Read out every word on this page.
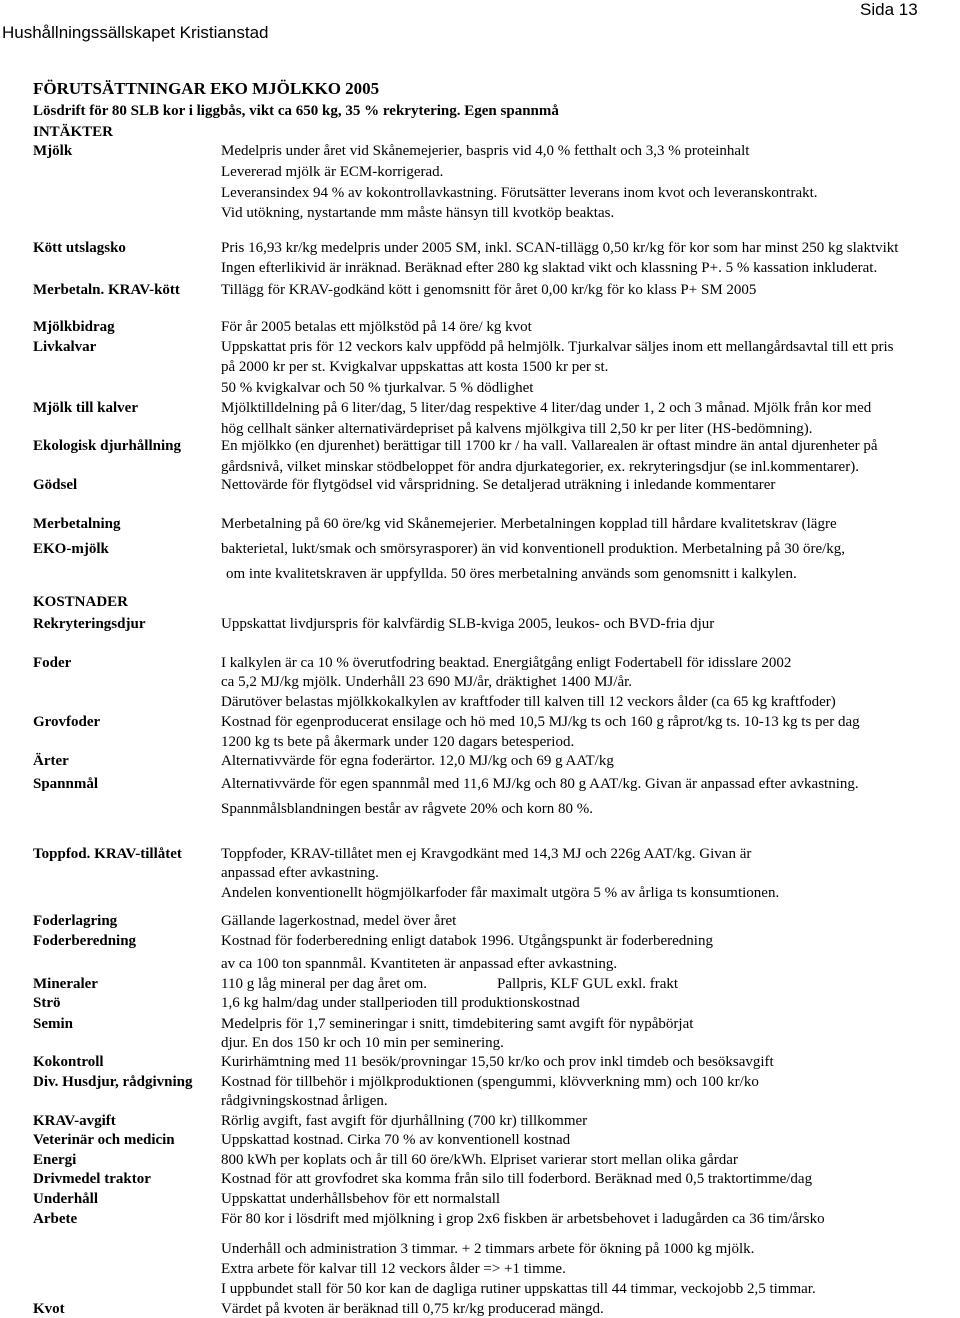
Hushållningssällskapet Kristianstad
Sida 13
FÖRUTSÄTTNINGAR EKO MJÖLKKO 2005
Lösdrift för 80 SLB kor i liggbås, vikt ca 650 kg, 35 % rekrytering. Egen spannmå
INTÄKTER
Mjölk	Medelpris under året vid Skånemejerier, baspris vid 4,0 % fetthalt och 3,3 % proteinhalt
Levererad mjölk är ECM-korrigerad.
Leveransindex 94 % av kokontrollavkastning. Förutsätter leverans inom kvot och leveranskontrakt.
Vid utökning, nystartande mm måste hänsyn till kvotköp beaktas.
Kött utslagsko	Pris 16,93 kr/kg medelpris under 2005 SM, inkl. SCAN-tillägg 0,50 kr/kg för kor som har minst 250 kg slaktvikt
Ingen efterlikivid är inräknad. Beräknad efter 280 kg slaktad vikt och klassning P+. 5 % kassation inkluderat.
Merbetaln. KRAV-kött	Tillägg för KRAV-godkänd kött i genomsnitt för året 0,00 kr/kg för ko klass P+ SM 2005
Mjölkbidrag	För år 2005 betalas ett mjölkstöd på 14 öre/ kg kvot
Livkalvar	Uppskattat pris för 12 veckors kalv uppfödd på helmjölk. Tjurkalvar säljes inom ett mellangårdsavtal till ett pris
på 2000 kr per st. Kvigkalvar uppskattas att kosta 1500 kr per st.
50 % kvigkalvar och 50 % tjurkalvar. 5 % dödlighet
Mjölk till kalver	Mjölktilldelning på 6 liter/dag, 5 liter/dag respektive 4 liter/dag under 1, 2 och 3 månad. Mjölk från kor med
hög cellhalt sänker alternativärdepriset på kalvens mjölkgiva till 2,50 kr per liter (HS-bedömning).
Ekologisk djurhållning	En mjölkko (en djurenhet) berättigar till 1700 kr / ha vall. Vallarealen är oftast mindre än antal djurenheter på
gårdsnivå, vilket minskar stödbeloppet för andra djurkategorier, ex. rekryteringsdjur (se inl.kommentarer).
Gödsel	Nettovärde för flytgödsel vid vårspridning. Se detaljerad uträkning i inledande kommentarer
Merbetalning	Merbetalning på 60 öre/kg vid Skånemejerier. Merbetalningen kopplad till hårdare kvalitetskrav (lägre
EKO-mjölk	bakterietal, lukt/smak och smörsyrasporer) än vid konventionell produktion. Merbetalning på 30 öre/kg,
om inte kvalitetskraven är uppfyllda. 50 öres merbetalning används som genomsnitt i kalkylen.
KOSTNADER
Rekryteringsdjur	Uppskattat livdjurspris för kalvfärdig SLB-kviga 2005, leukos- och BVD-fria djur
Foder	I kalkylen är ca 10 % överutfodring beaktad. Energiåtgång enligt Fodertabell för idisslare 2002
ca 5,2 MJ/kg mjölk. Underhåll 23 690 MJ/år, dräktighet 1400 MJ/år.
Därutöver belastas mjölkkokalkylen av kraftfoder till kalven till 12 veckors ålder (ca 65 kg kraftfoder)
Grovfoder	Kostnad för egenproducerat ensilage och hö med 10,5 MJ/kg ts och 160 g råprot/kg ts. 10-13 kg ts per dag
1200 kg ts bete på åkermark under 120 dagars betesperiod.
Ärter	Alternativvärde för egna foderärtor. 12,0 MJ/kg och 69 g AAT/kg
Spannmål	Alternativvärde för egen spannmål med 11,6 MJ/kg och 80 g AAT/kg. Givan är anpassad efter avkastning.
Spannmålsblandningen består av rågvete 20% och korn 80 %.
Toppfod. KRAV-tillåtet	Toppfoder, KRAV-tillåtet men ej Kravgodkänt med 14,3 MJ och 226g AAT/kg. Givan är
anpassad efter avkastning.
Andelen konventionellt högmjölkarfoder får maximalt utgöra 5 % av årliga ts konsumtionen.
Foderlagring	Gällande lagerkostnad, medel över året
Foderberedning	Kostnad för foderberedning enligt databok 1996. Utgångspunkt är foderberedning
av ca 100 ton spannmål. Kvantiteten är anpassad efter avkastning.
Mineraler	110 g låg mineral per dag året om.	Pallpris, KLF GUL exkl. frakt
Strö	1,6 kg halm/dag under stallperioden till produktionskostnad
Semin	Medelpris för 1,7 semineringar i snitt, timdebitering samt avgift för nypåbörjat
djur. En dos 150 kr och 10 min per seminering.
Kokontroll	Kurirhämtning med 11 besök/provningar 15,50 kr/ko och prov inkl timdeb och besöksavgift
Div. Husdjur, rådgivning	Kostnad för tillbehör i mjölkproduktionen (spengummi, klövverkning mm) och 100 kr/ko
rådgivningskostnad årligen.
KRAV-avgift	Rörlig avgift, fast avgift för djurhållning (700 kr) tillkommer
Veterinär och medicin	Uppskattad kostnad. Cirka 70 % av konventionell kostnad
Energi	800 kWh per koplats och år till 60 öre/kWh. Elpriset varierar stort mellan olika gårdar
Drivmedel traktor	Kostnad för att grovfodret ska komma från silo till foderbord. Beräknad med 0,5 traktortimme/dag
Underhåll	Uppskattat underhållsbehov för ett normalstall
Arbete	För 80 kor i lösdrift med mjölkning i grop 2x6 fiskben är arbetsbehovet i ladugården ca 36 tim/årsko
Underhåll och administration 3 timmar. + 2 timmars arbete för ökning på 1000 kg mjölk.
Extra arbete för kalvar till 12 veckors ålder => +1 timme.
I uppbundet stall för 50 kor kan de dagliga rutiner uppskattas till 44 timmar, veckojobb 2,5 timmar.
Kvot	Värdet på kvoten är beräknad till 0,75 kr/kg producerad mängd.
